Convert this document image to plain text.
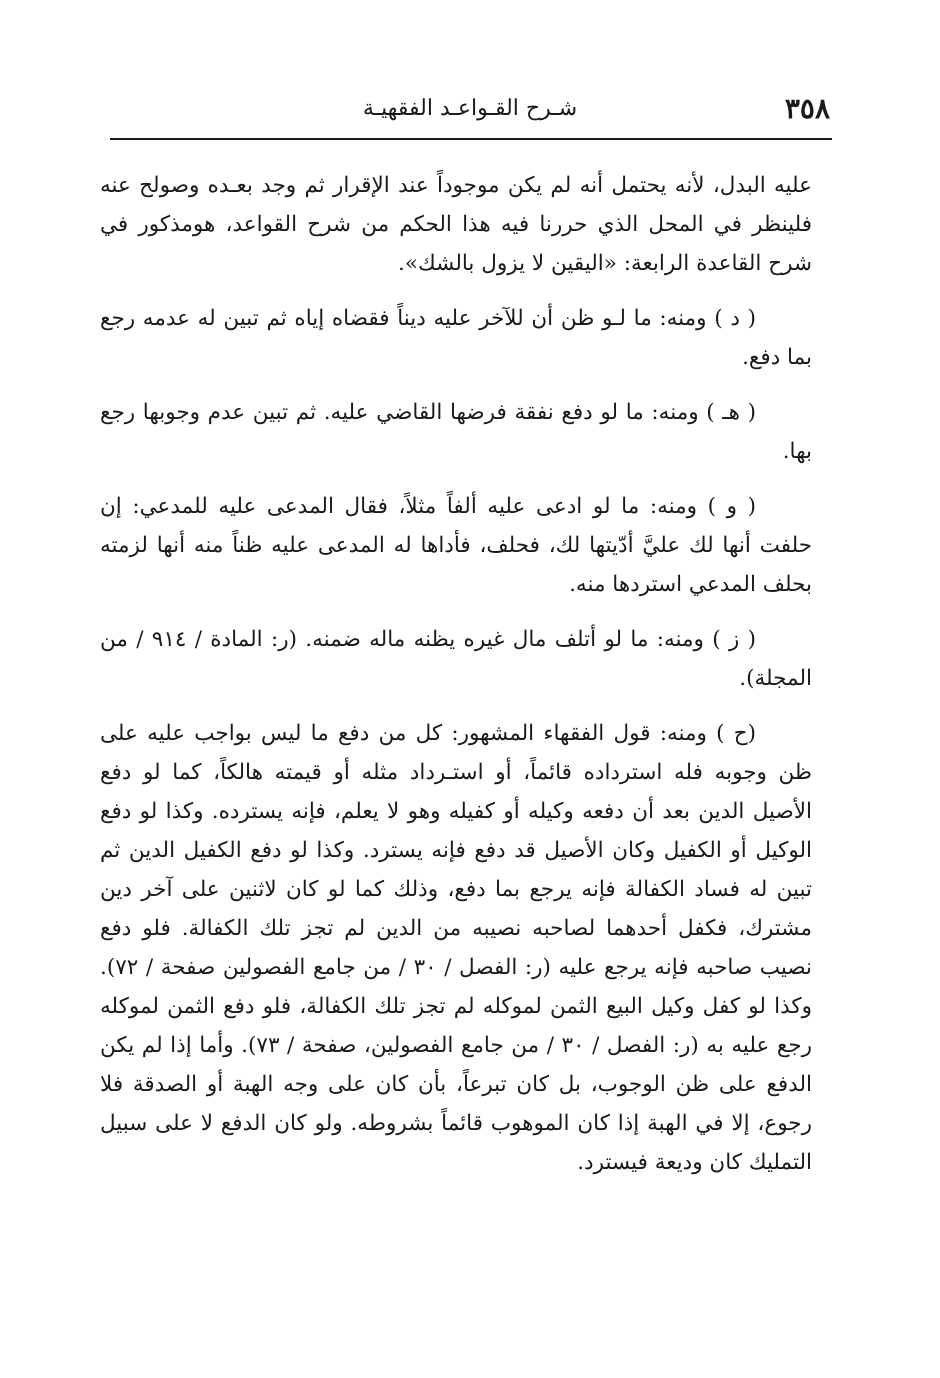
٣٥٨
شـرح القـواعـد الفقهيـة

عليه البدل، لأنه يحتمل أنه لم يكن موجوداً عند الإقرار ثم وجد بعـده وصولح عنه فلينظر في المحل الذي حررنا فيه هذا الحكم من شرح القواعد، هومذكور في شرح القاعدة الرابعة: «اليقين لا يزول بالشك».

( د ) ومنه: ما لـو ظن أن للآخر عليه ديناً فقضاه إياه ثم تبين له عدمه رجع بما دفع.

( هـ ) ومنه: ما لو دفع نفقة فرضها القاضي عليه. ثم تبين عدم وجوبها رجع بها.

( و ) ومنه: ما لو ادعى عليه ألفاً مثلاً، فقال المدعى عليه للمدعي: إن حلفت أنها لك عليَّ أدّيتها لك، فحلف، فأداها له المدعى عليه ظناً منه أنها لزمته بحلف المدعي استردها منه.

( ز ) ومنه: ما لو أتلف مال غيره يظنه ماله ضمنه. (ر: المادة / ٩١٤ / من المجلة).

(ح ) ومنه: قول الفقهاء المشهور: كل من دفع ما ليس بواجب عليه على ظن وجوبه فله استرداده قائماً، أو استـرداد مثله أو قيمته هالكاً، كما لو دفع الأصيل الدين بعد أن دفعه وكيله أو كفيله وهو لا يعلم، فإنه يسترده. وكذا لو دفع الوكيل أو الكفيل وكان الأصيل قد دفع فإنه يسترد. وكذا لو دفع الكفيل الدين ثم تبين له فساد الكفالة فإنه يرجع بما دفع، وذلك كما لو كان لاثنين على آخر دين مشترك، فكفل أحدهما لصاحبه نصيبه من الدين لم تجز تلك الكفالة. فلو دفع نصيب صاحبه فإنه يرجع عليه (ر: الفصل / ٣٠ / من جامع الفصولين صفحة / ٧٢). وكذا لو كفل وكيل البيع الثمن لموكله لم تجز تلك الكفالة، فلو دفع الثمن لموكله رجع عليه به (ر: الفصل / ٣٠ / من جامع الفصولين، صفحة / ٧٣). وأما إذا لم يكن الدفع على ظن الوجوب، بل كان تبرعاً، بأن كان على وجه الهبة أو الصدقة فلا رجوع، إلا في الهبة إذا كان الموهوب قائماً بشروطه. ولو كان الدفع لا على سبيل التمليك كان وديعة فيسترد.
